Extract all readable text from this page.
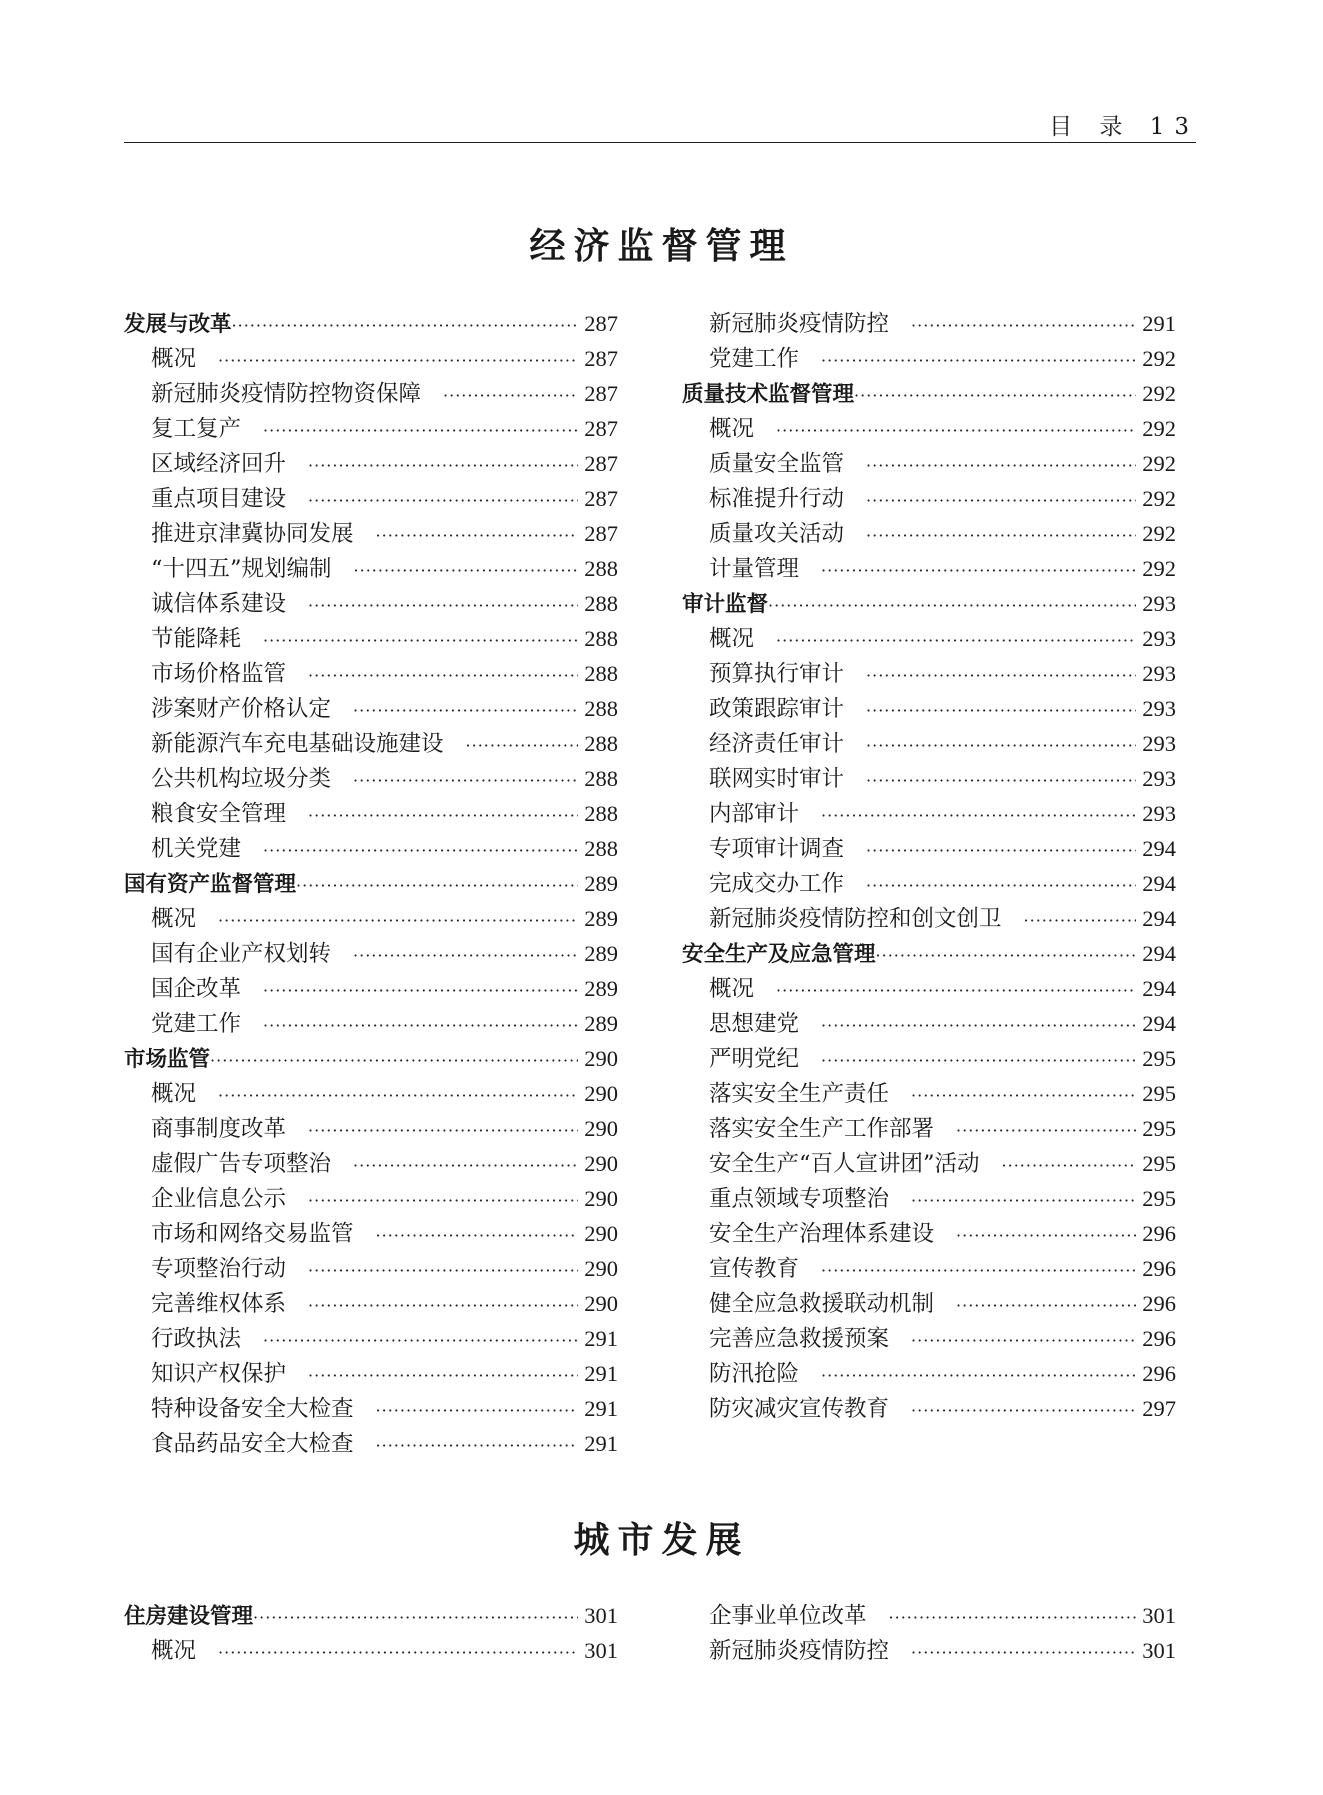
目 录 13
经济监督管理
发展与改革 ·····	287
概况 ·····	287
新冠肺炎疫情防控物资保障 ·····	287
复工复产 ·····	287
区域经济回升 ·····	287
重点项目建设 ·····	287
推进京津冀协同发展 ·····	287
“十四五”规划编制 ·····	288
诚信体系建设 ·····	288
节能降耗 ·····	288
市场价格监管 ·····	288
涉案财产价格认定 ·····	288
新能源汽车充电基础设施建设 ·····	288
公共机构垃圾分类 ·····	288
粮食安全管理 ·····	288
机关党建 ·····	288
国有资产监督管理 ·····	289
概况 ·····	289
国有企业产权划转 ·····	289
国企改革 ·····	289
党建工作 ·····	289
市场监管 ·····	290
概况 ·····	290
商事制度改革 ·····	290
虚假广告专项整治 ·····	290
企业信息公示 ·····	290
市场和网络交易监管 ·····	290
专项整治行动 ·····	290
完善维权体系 ·····	290
行政执法 ·····	291
知识产权保护 ·····	291
特种设备安全大检查 ·····	291
食品药品安全大检查 ·····	291
新冠肺炎疫情防控 ·····	291
党建工作 ·····	292
质量技术监督管理 ·····	292
概况 ·····	292
质量安全监管 ·····	292
标准提升行动 ·····	292
质量攻关活动 ·····	292
计量管理 ·····	292
审计监督 ·····	293
概况 ·····	293
预算执行审计 ·····	293
政策跟踪审计 ·····	293
经济责任审计 ·····	293
联网实时审计 ·····	293
内部审计 ·····	293
专项审计调查 ·····	294
完成交办工作 ·····	294
新冠肺炎疫情防控和创文创卫 ·····	294
安全生产及应急管理 ·····	294
概况 ·····	294
思想建党 ·····	294
严明党纪 ·····	295
落实安全生产责任 ·····	295
落实安全生产工作部署 ·····	295
安全生产“百人宣讲团”活动 ·····	295
重点领域专项整治 ·····	295
安全生产治理体系建设 ·····	296
宣传教育 ·····	296
健全应急救援联动机制 ·····	296
完善应急救援预案 ·····	296
防汛抢险 ·····	296
防灾减灾宣传教育 ·····	297
城市发展
住房建设管理 ·····	301
概况 ·····	301
企事业单位改革 ·····	301
新冠肺炎疫情防控 ·····	301
